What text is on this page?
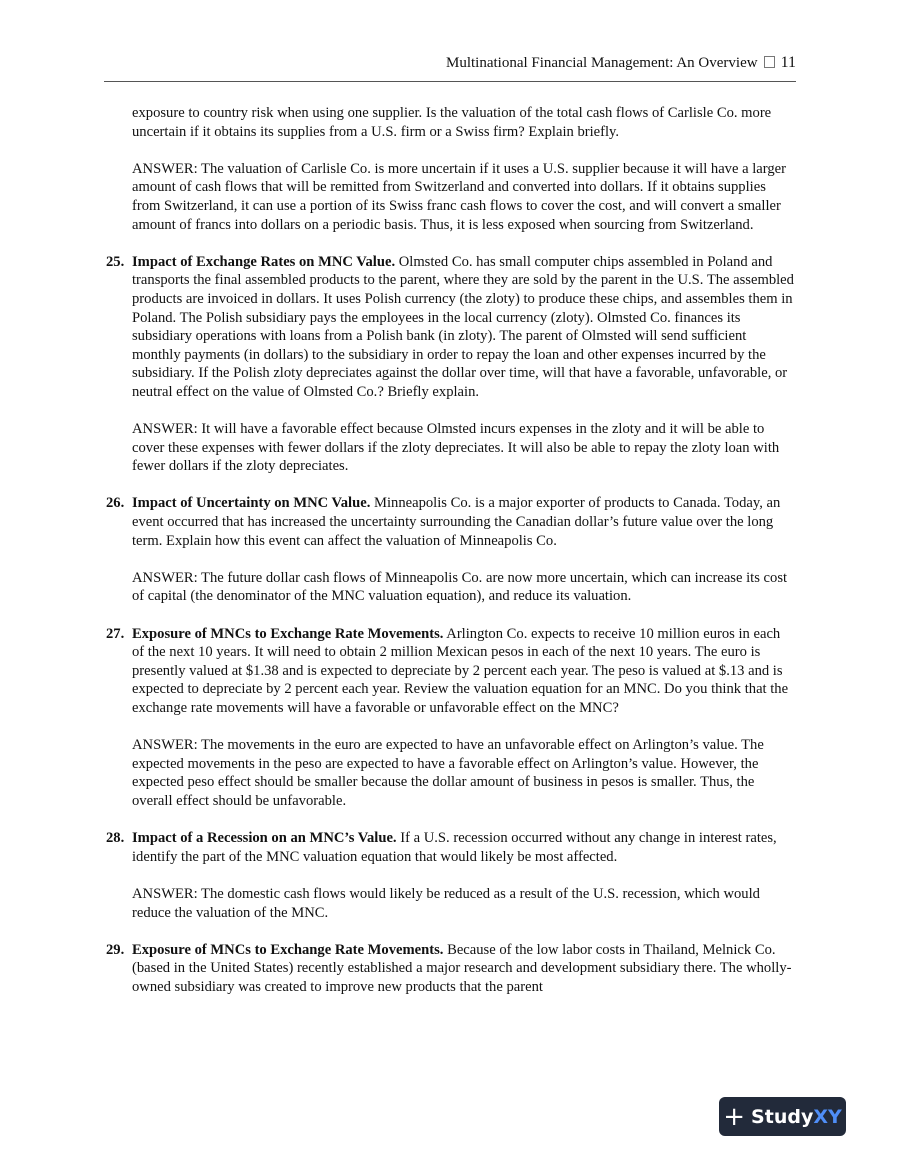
Multinational Financial Management: An Overview 11

exposure to country risk when using one supplier. Is the valuation of the total cash flows of Carlisle Co. more uncertain if it obtains its supplies from a U.S. firm or a Swiss firm? Explain briefly.

ANSWER: The valuation of Carlisle Co. is more uncertain if it uses a U.S. supplier because it will have a larger amount of cash flows that will be remitted from Switzerland and converted into dollars. If it obtains supplies from Switzerland, it can use a portion of its Swiss franc cash flows to cover the cost, and will convert a smaller amount of francs into dollars on a periodic basis. Thus, it is less exposed when sourcing from Switzerland.

25. Impact of Exchange Rates on MNC Value. Olmsted Co. has small computer chips assembled in Poland and transports the final assembled products to the parent, where they are sold by the parent in the U.S. The assembled products are invoiced in dollars. It uses Polish currency (the zloty) to produce these chips, and assembles them in Poland. The Polish subsidiary pays the employees in the local currency (zloty). Olmsted Co. finances its subsidiary operations with loans from a Polish bank (in zloty). The parent of Olmsted will send sufficient monthly payments (in dollars) to the subsidiary in order to repay the loan and other expenses incurred by the subsidiary. If the Polish zloty depreciates against the dollar over time, will that have a favorable, unfavorable, or neutral effect on the value of Olmsted Co.? Briefly explain.

ANSWER: It will have a favorable effect because Olmsted incurs expenses in the zloty and it will be able to cover these expenses with fewer dollars if the zloty depreciates. It will also be able to repay the zloty loan with fewer dollars if the zloty depreciates.

26. Impact of Uncertainty on MNC Value. Minneapolis Co. is a major exporter of products to Canada. Today, an event occurred that has increased the uncertainty surrounding the Canadian dollar’s future value over the long term. Explain how this event can affect the valuation of Minneapolis Co.

ANSWER: The future dollar cash flows of Minneapolis Co. are now more uncertain, which can increase its cost of capital (the denominator of the MNC valuation equation), and reduce its valuation.

27. Exposure of MNCs to Exchange Rate Movements. Arlington Co. expects to receive 10 million euros in each of the next 10 years. It will need to obtain 2 million Mexican pesos in each of the next 10 years. The euro is presently valued at $1.38 and is expected to depreciate by 2 percent each year. The peso is valued at $.13 and is expected to depreciate by 2 percent each year. Review the valuation equation for an MNC. Do you think that the exchange rate movements will have a favorable or unfavorable effect on the MNC?

ANSWER: The movements in the euro are expected to have an unfavorable effect on Arlington’s value. The expected movements in the peso are expected to have a favorable effect on Arlington’s value. However, the expected peso effect should be smaller because the dollar amount of business in pesos is smaller. Thus, the overall effect should be unfavorable.

28. Impact of a Recession on an MNC’s Value. If a U.S. recession occurred without any change in interest rates, identify the part of the MNC valuation equation that would likely be most affected.

ANSWER: The domestic cash flows would likely be reduced as a result of the U.S. recession, which would reduce the valuation of the MNC.

29. Exposure of MNCs to Exchange Rate Movements. Because of the low labor costs in Thailand, Melnick Co. (based in the United States) recently established a major research and development subsidiary there. The wholly-owned subsidiary was created to improve new products that the parent
+ Study XY
